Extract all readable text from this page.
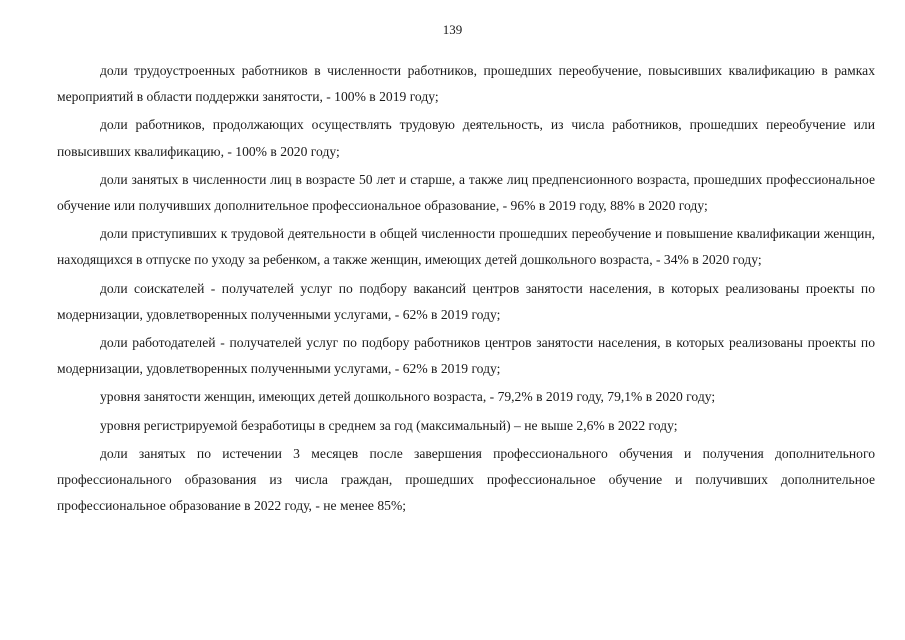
139

доли трудоустроенных работников в численности работников, прошедших переобучение, повысивших квалификацию в рамках мероприятий в области поддержки занятости, - 100% в 2019 году;

доли работников, продолжающих осуществлять трудовую деятельность, из числа работников, прошедших переобучение или повысивших квалификацию, - 100% в 2020 году;

доли занятых в численности лиц в возрасте 50 лет и старше, а также лиц предпенсионного возраста, прошедших профессиональное обучение или получивших дополнительное профессиональное образование, - 96% в 2019 году, 88% в 2020 году;

доли приступивших к трудовой деятельности в общей численности прошедших переобучение и повышение квалификации женщин, находящихся в отпуске по уходу за ребенком, а также женщин, имеющих детей дошкольного возраста, - 34% в 2020 году;

доли соискателей - получателей услуг по подбору вакансий центров занятости населения, в которых реализованы проекты по модернизации, удовлетворенных полученными услугами, - 62% в 2019 году;

доли работодателей - получателей услуг по подбору работников центров занятости населения, в которых реализованы проекты по модернизации, удовлетворенных полученными услугами, - 62% в 2019 году;

уровня занятости женщин, имеющих детей дошкольного возраста, - 79,2% в 2019 году, 79,1% в 2020 году;

уровня регистрируемой безработицы в среднем за год (максимальный) – не выше 2,6% в 2022 году;

доли занятых по истечении 3 месяцев после завершения профессионального обучения и получения дополнительного профессионального образования из числа граждан, прошедших профессиональное обучение и получивших дополнительное профессиональное образование в 2022 году, - не менее 85%;
